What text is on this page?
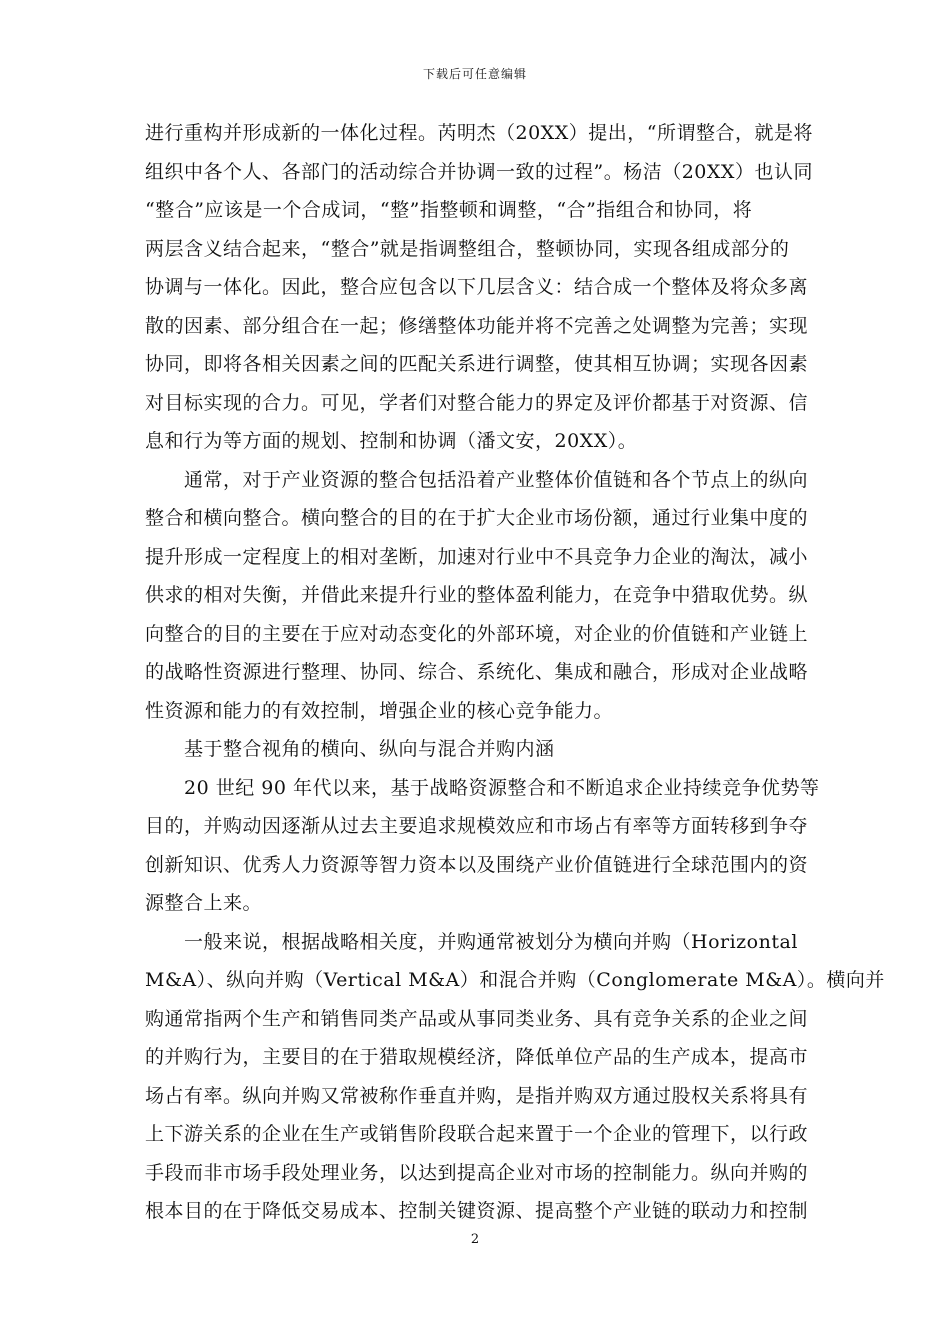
下载后可任意编辑
进行重构并形成新的一体化过程。芮明杰（20XX）提出，“所谓整合，就是将
组织中各个人、各部门的活动综合并协调一致的过程”。杨洁（20XX）也认同
“整合”应该是一个合成词，“整”指整顿和调整，“合”指组合和协同，将
两层含义结合起来，“整合”就是指调整组合，整顿协同，实现各组成部分的
协调与一体化。因此，整合应包含以下几层含义：结合成一个整体及将众多离
散的因素、部分组合在一起；修缮整体功能并将不完善之处调整为完善；实现
协同，即将各相关因素之间的匹配关系进行调整，使其相互协调；实现各因素
对目标实现的合力。可见，学者们对整合能力的界定及评价都基于对资源、信
息和行为等方面的规划、控制和协调（潘文安，20XX）。
　　通常，对于产业资源的整合包括沿着产业整体价值链和各个节点上的纵向
整合和横向整合。横向整合的目的在于扩大企业市场份额，通过行业集中度的
提升形成一定程度上的相对垄断，加速对行业中不具竞争力企业的淘汰，减小
供求的相对失衡，并借此来提升行业的整体盈利能力，在竞争中猎取优势。纵
向整合的目的主要在于应对动态变化的外部环境，对企业的价值链和产业链上
的战略性资源进行整理、协同、综合、系统化、集成和融合，形成对企业战略
性资源和能力的有效控制，增强企业的核心竞争能力。
　　基于整合视角的横向、纵向与混合并购内涵
　　20 世纪 90 年代以来，基于战略资源整合和不断追求企业持续竞争优势等
目的，并购动因逐渐从过去主要追求规模效应和市场占有率等方面转移到争夺
创新知识、优秀人力资源等智力资本以及围绕产业价值链进行全球范围内的资
源整合上来。
　　一般来说，根据战略相关度，并购通常被划分为横向并购（Horizontal
M&A）、纵向并购（Vertical M&A）和混合并购（Conglomerate M&A）。横向并
购通常指两个生产和销售同类产品或从事同类业务、具有竞争关系的企业之间
的并购行为，主要目的在于猎取规模经济，降低单位产品的生产成本，提高市
场占有率。纵向并购又常被称作垂直并购，是指并购双方通过股权关系将具有
上下游关系的企业在生产或销售阶段联合起来置于一个企业的管理下，以行政
手段而非市场手段处理业务，以达到提高企业对市场的控制能力。纵向并购的
根本目的在于降低交易成本、控制关键资源、提高整个产业链的联动力和控制
2
